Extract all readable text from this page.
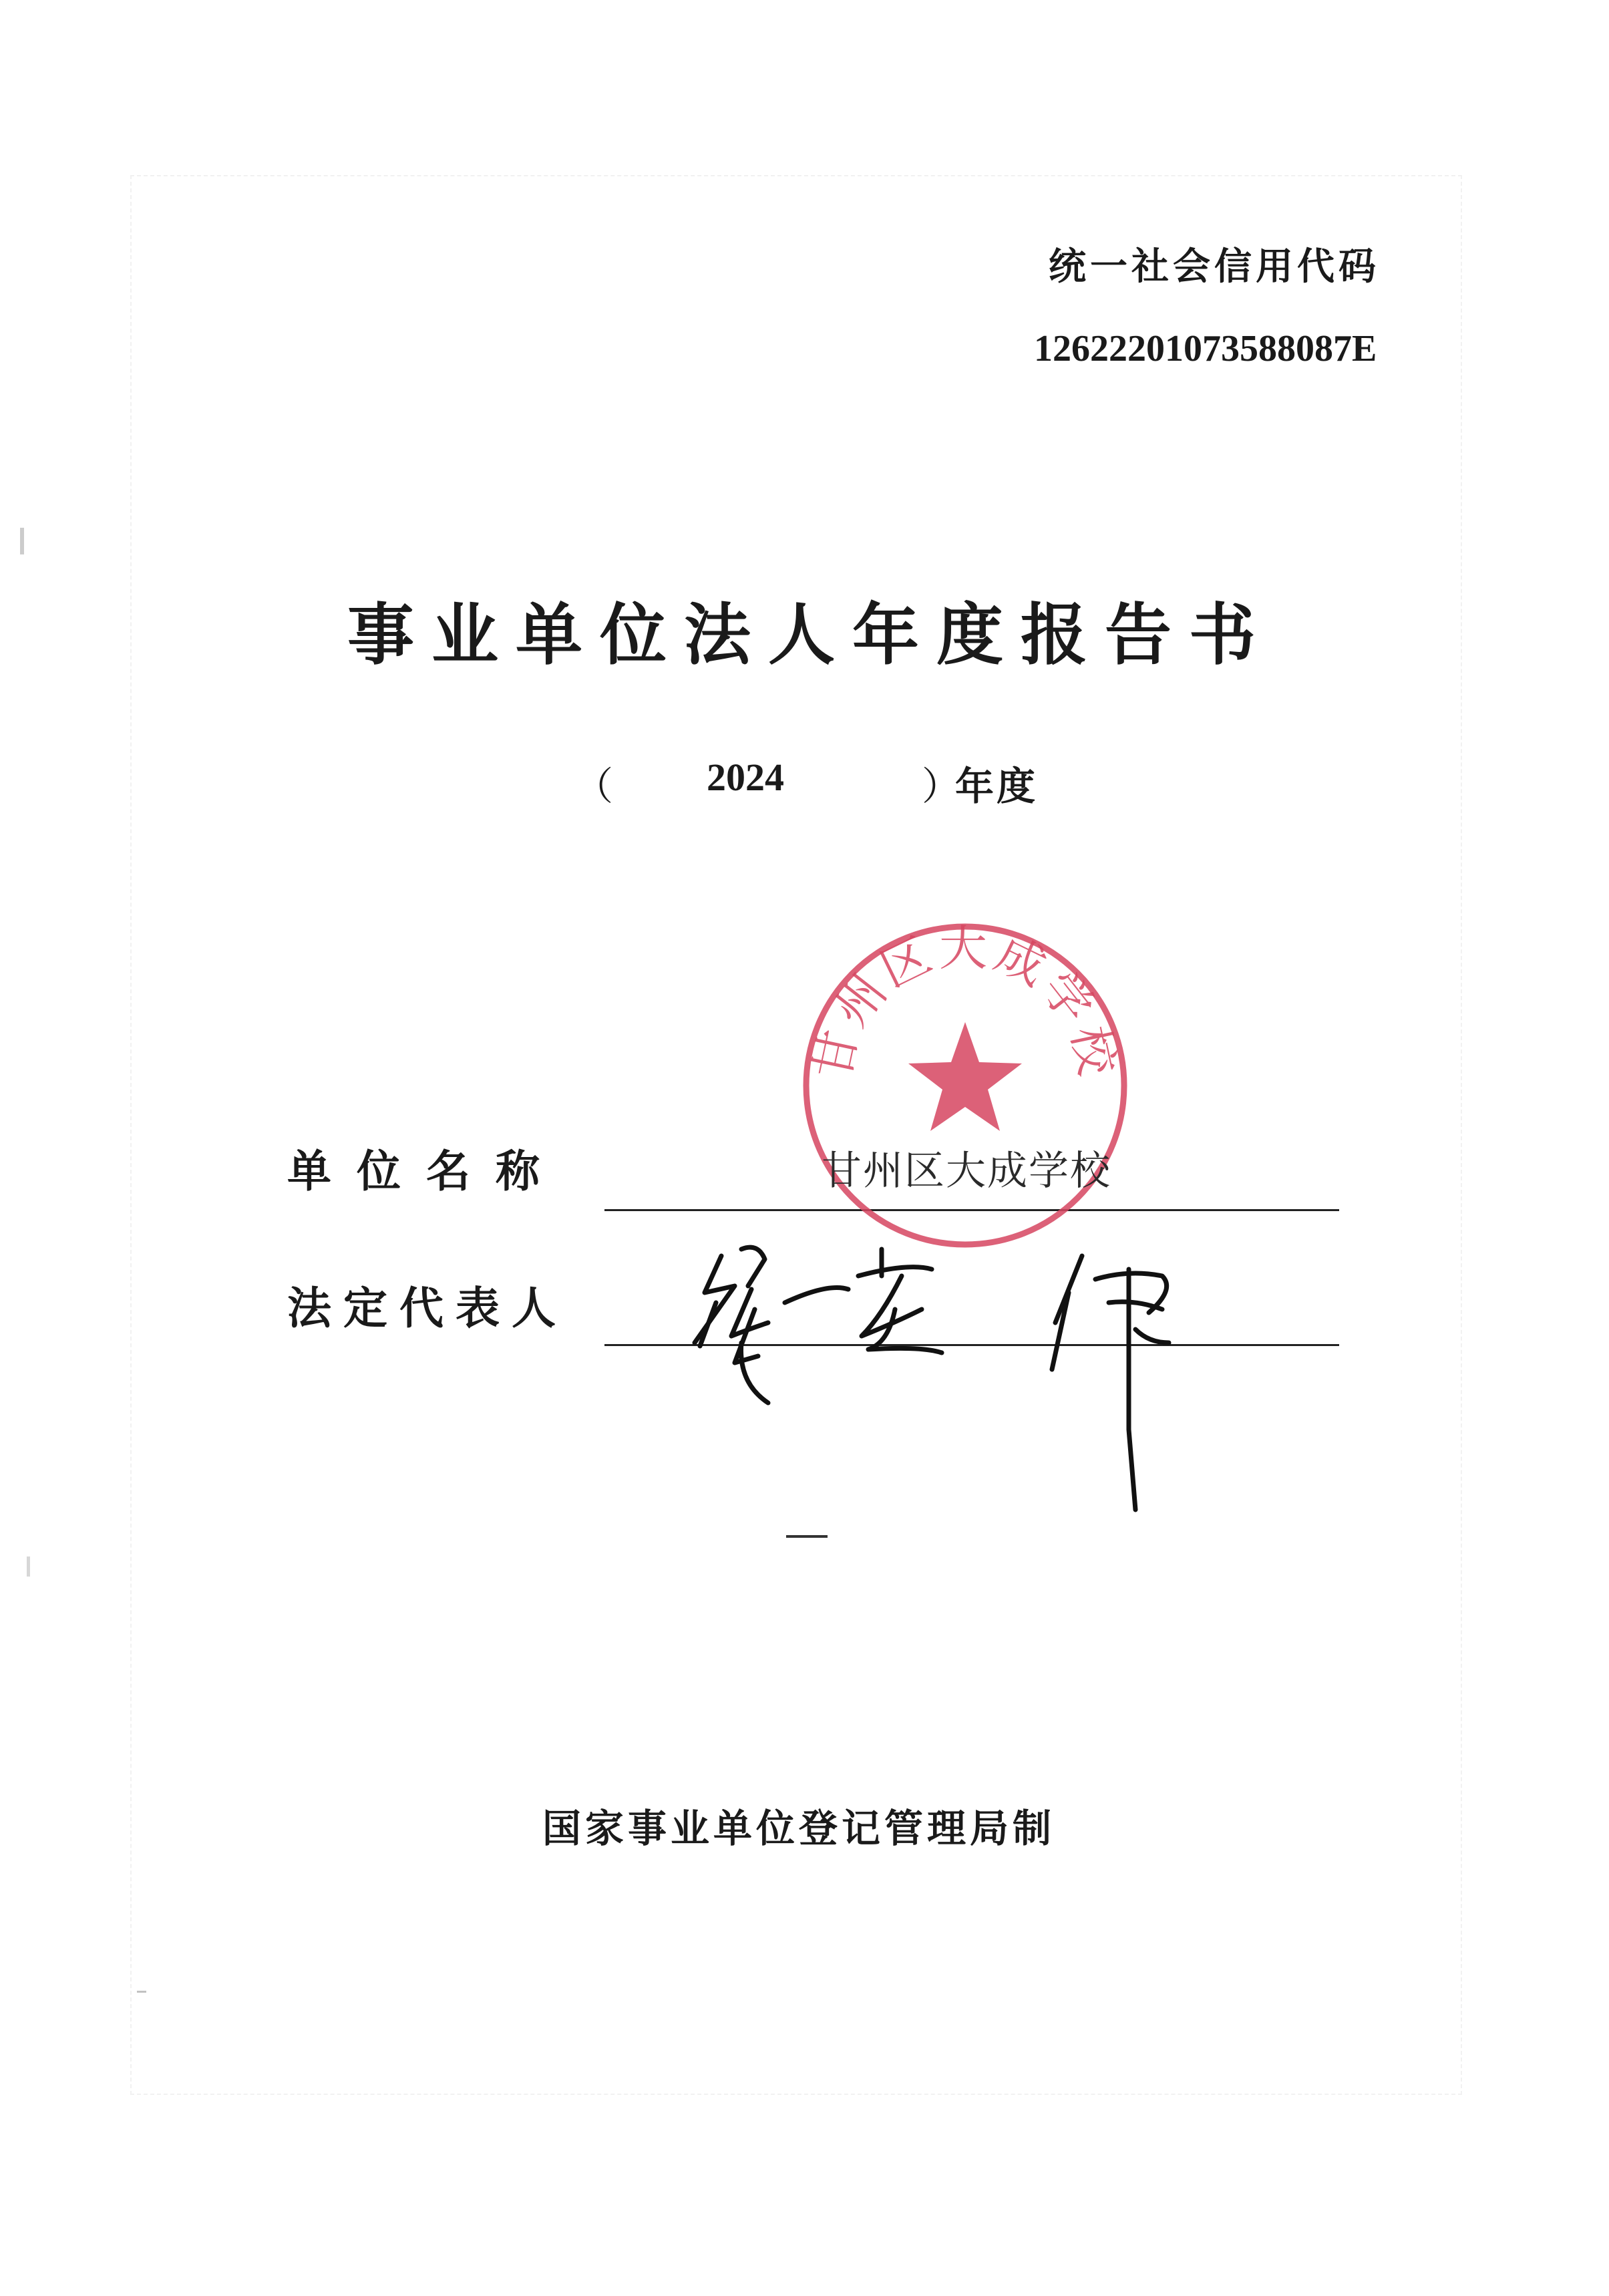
统一社会信用代码
12622201073588087E
事业单位法人年度报告书
（ 2024	）
年度
单位名称
法定代表人
甘州区大成学校
甘州区大成学校
国家事业单位登记管理局制
